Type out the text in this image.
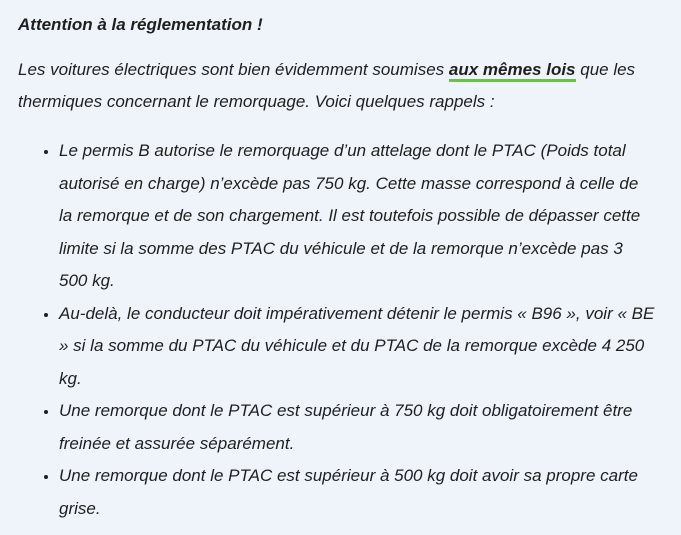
Attention à la réglementation !

Les voitures électriques sont bien évidemment soumises aux mêmes lois que les thermiques concernant le remorquage. Voici quelques rappels :

• Le permis B autorise le remorquage d’un attelage dont le PTAC (Poids total autorisé en charge) n’excède pas 750 kg. Cette masse correspond à celle de la remorque et de son chargement. Il est toutefois possible de dépasser cette limite si la somme des PTAC du véhicule et de la remorque n’excède pas 3 500 kg.
• Au-delà, le conducteur doit impérativement détenir le permis « B96 », voir « BE » si la somme du PTAC du véhicule et du PTAC de la remorque excède 4 250 kg.
• Une remorque dont le PTAC est supérieur à 750 kg doit obligatoirement être freinée et assurée séparément.
• Une remorque dont le PTAC est supérieur à 500 kg doit avoir sa propre carte grise.
